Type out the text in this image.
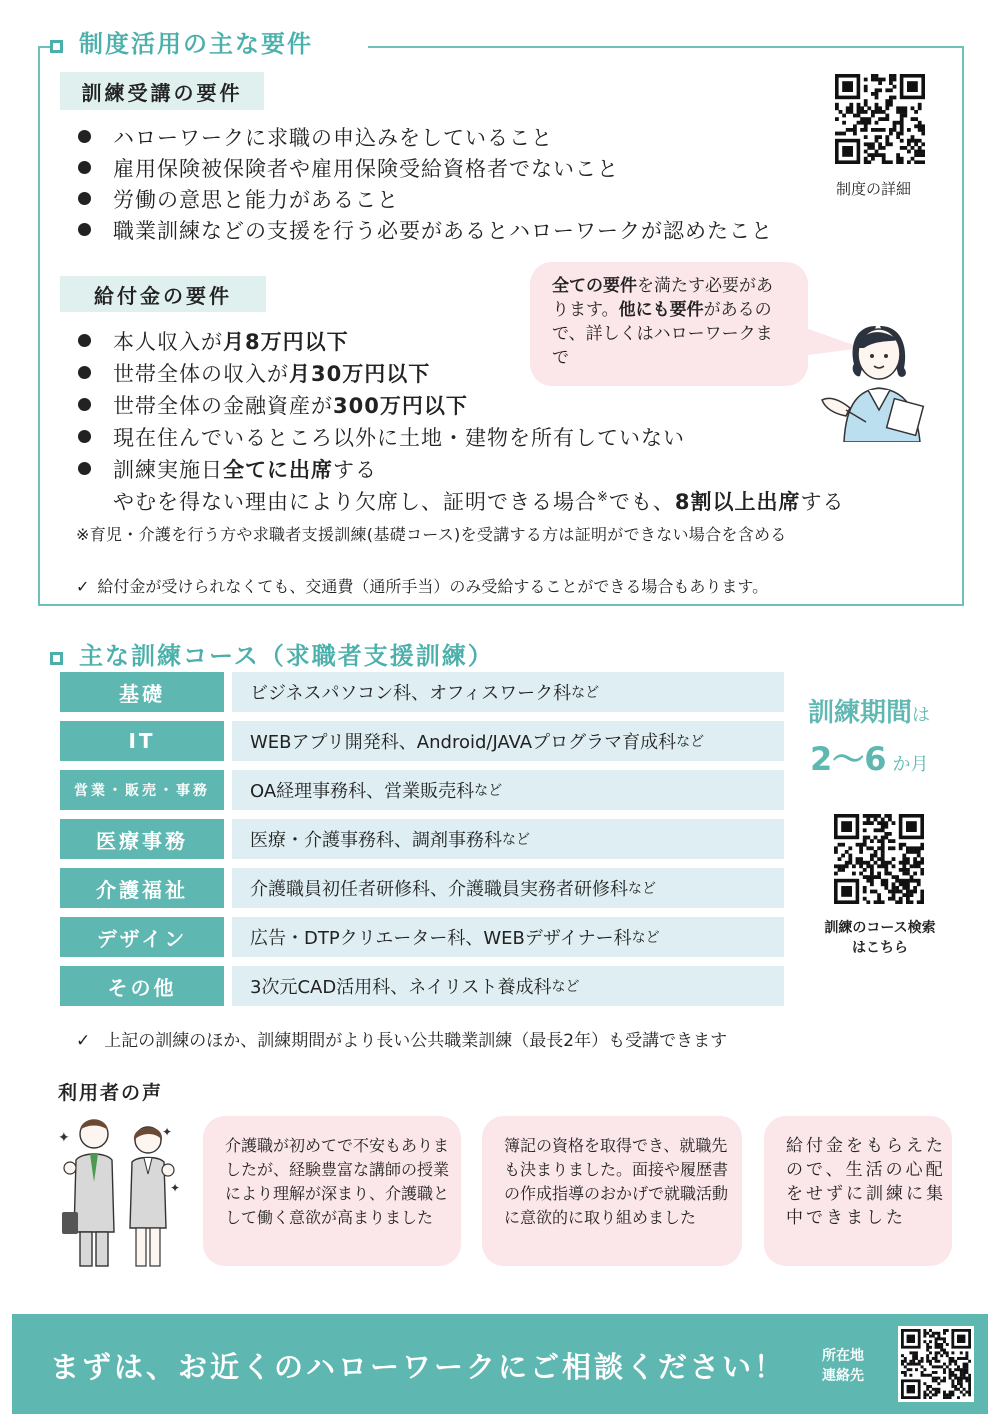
制度活用の主な要件
訓練受講の要件
ハローワークに求職の申込みをしていること
雇用保険被保険者や雇用保険受給資格者でないこと
労働の意思と能力があること
職業訓練などの支援を行う必要があるとハローワークが認めたこと
制度の詳細
給付金の要件	全ての要件を満たす必要があります。他にも要件があるので、詳しくはハローワークまで
本人収入が月8万円以下
世帯全体の収入が月30万円以下
世帯全体の金融資産が300万円以下
現在住んでいるところ以外に土地・建物を所有していない
訓練実施日全てに出席する
やむを得ない理由により欠席し、証明できる場合※でも、8割以上出席する
※育児・介護を行う方や求職者支援訓練(基礎コース)を受講する方は証明ができない場合を含める
✓ 給付金が受けられなくても、交通費（通所手当）のみ受給することができる場合もあります。
主な訓練コース（求職者支援訓練）
基礎	ビジネスパソコン科、オフィスワーク科 など
IT	WEBアプリ開発科、Android/JAVAプログラマ育成科 など
営業・販売・事務	OA経理事務科、営業販売科 など
医療事務	医療・介護事務科、調剤事務科 など
介護福祉	介護職員初任者研修科、介護職員実務者研修科 など
デザイン	広告・DTPクリエーター科、WEBデザイナー科 など
その他	3次元CAD活用科、ネイリスト養成科 など
訓練期間は
2～6 か月
訓練のコース検索
はこちら
✓ 上記の訓練のほか、訓練期間がより長い公共職業訓練（最長2年）も受講できます
利用者の声
✦	✦
✦
介護職が初めてで不安もありましたが、経験豊富な講師の授業により理解が深まり、介護職として働く意欲が高まりました
簿記の資格を取得でき、就職先も決まりました。面接や履歴書の作成指導のおかげで就職活動に意欲的に取り組めました
給付金をもらえたので、生活の心配をせずに訓練に集中できました
まずは、お近くのハローワークにご相談ください！	所在地
連絡先
